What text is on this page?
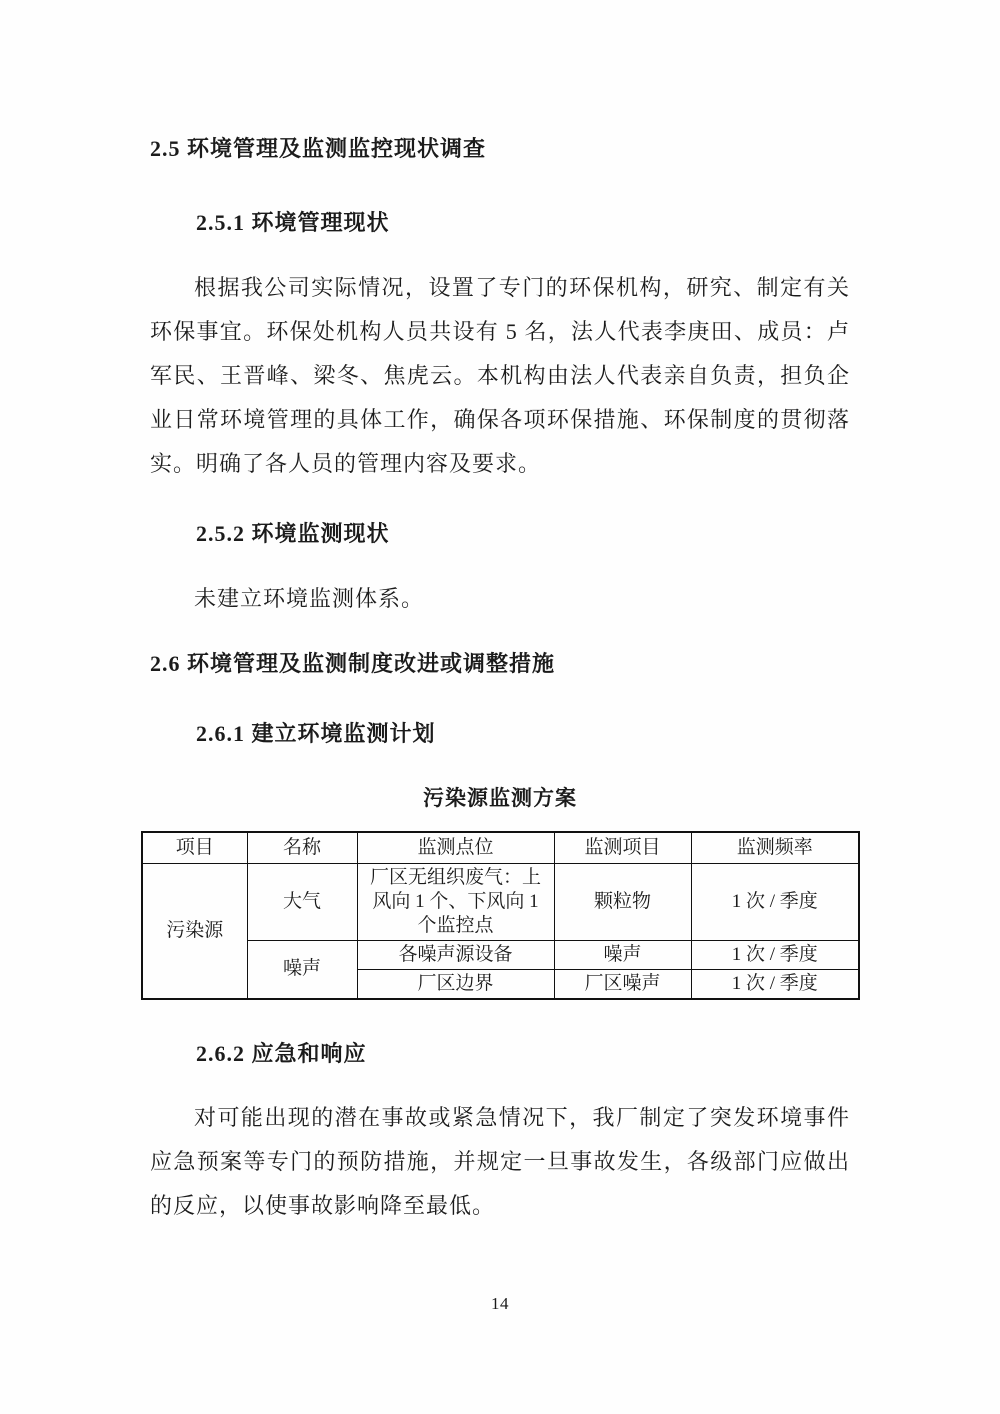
2.5 环境管理及监测监控现状调查
2.5.1 环境管理现状

根据我公司实际情况，设置了专门的环保机构，研究、制定有关环保事宜。环保处机构人员共设有 5 名，法人代表李庚田、成员：卢军民、王晋峰、梁冬、焦虎云。本机构由法人代表亲自负责，担负企业日常环境管理的具体工作，确保各项环保措施、环保制度的贯彻落实。明确了各人员的管理内容及要求。

2.5.2 环境监测现状

未建立环境监测体系。

2.6 环境管理及监测制度改进或调整措施
2.6.1 建立环境监测计划
污染源监测方案
项目	名称	监测点位	监测项目	监测频率
污染源	大气	厂区无组织废气：上风向 1 个、下风向 1 个监控点	颗粒物	1 次 / 季度
	噪声	各噪声源设备	噪声	1 次 / 季度
		厂区边界	厂区噪声	1 次 / 季度
2.6.2 应急和响应

对可能出现的潜在事故或紧急情况下，我厂制定了突发环境事件应急预案等专门的预防措施，并规定一旦事故发生，各级部门应做出的反应，以使事故影响降至最低。

14
